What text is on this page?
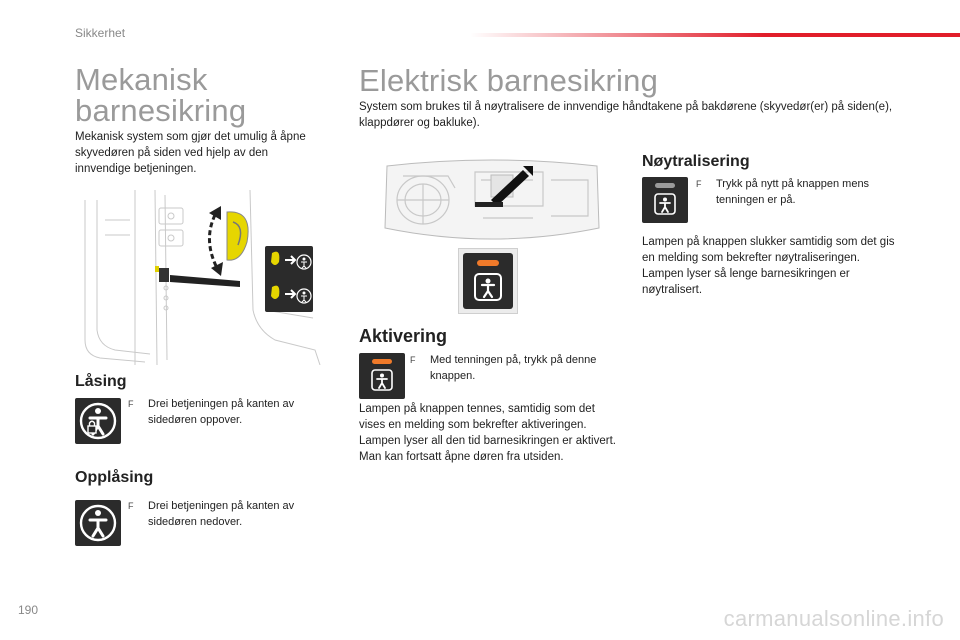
Sikkerhet
Mekanisk
barnesikring

Mekanisk system som gjør det umulig å åpne skyvedøren på siden ved hjelp av den innvendige betjeningen.

Låsing
F	Drei betjeningen på kanten av sidedøren oppover.
Opplåsing
F	Drei betjeningen på kanten av sidedøren nedover.
Elektrisk barnesikring

System som brukes til å nøytralisere de innvendige håndtakene på bakdørene (skyvedør(er) på siden(e), klappdører og bakluke).

Aktivering
F	Med tenningen på, trykk på denne knappen.
Lampen på knappen tennes, samtidig som det vises en melding som bekrefter aktiveringen.
Lampen lyser all den tid barnesikringen er aktivert.
Man kan fortsatt åpne døren fra utsiden.
Nøytralisering
F	Trykk på nytt på knappen mens tenningen er på.

Lampen på knappen slukker samtidig som det gis en melding som bekrefter nøytraliseringen. Lampen lyser så lenge barnesikringen er nøytralisert.

190	carmanualsonline.info
